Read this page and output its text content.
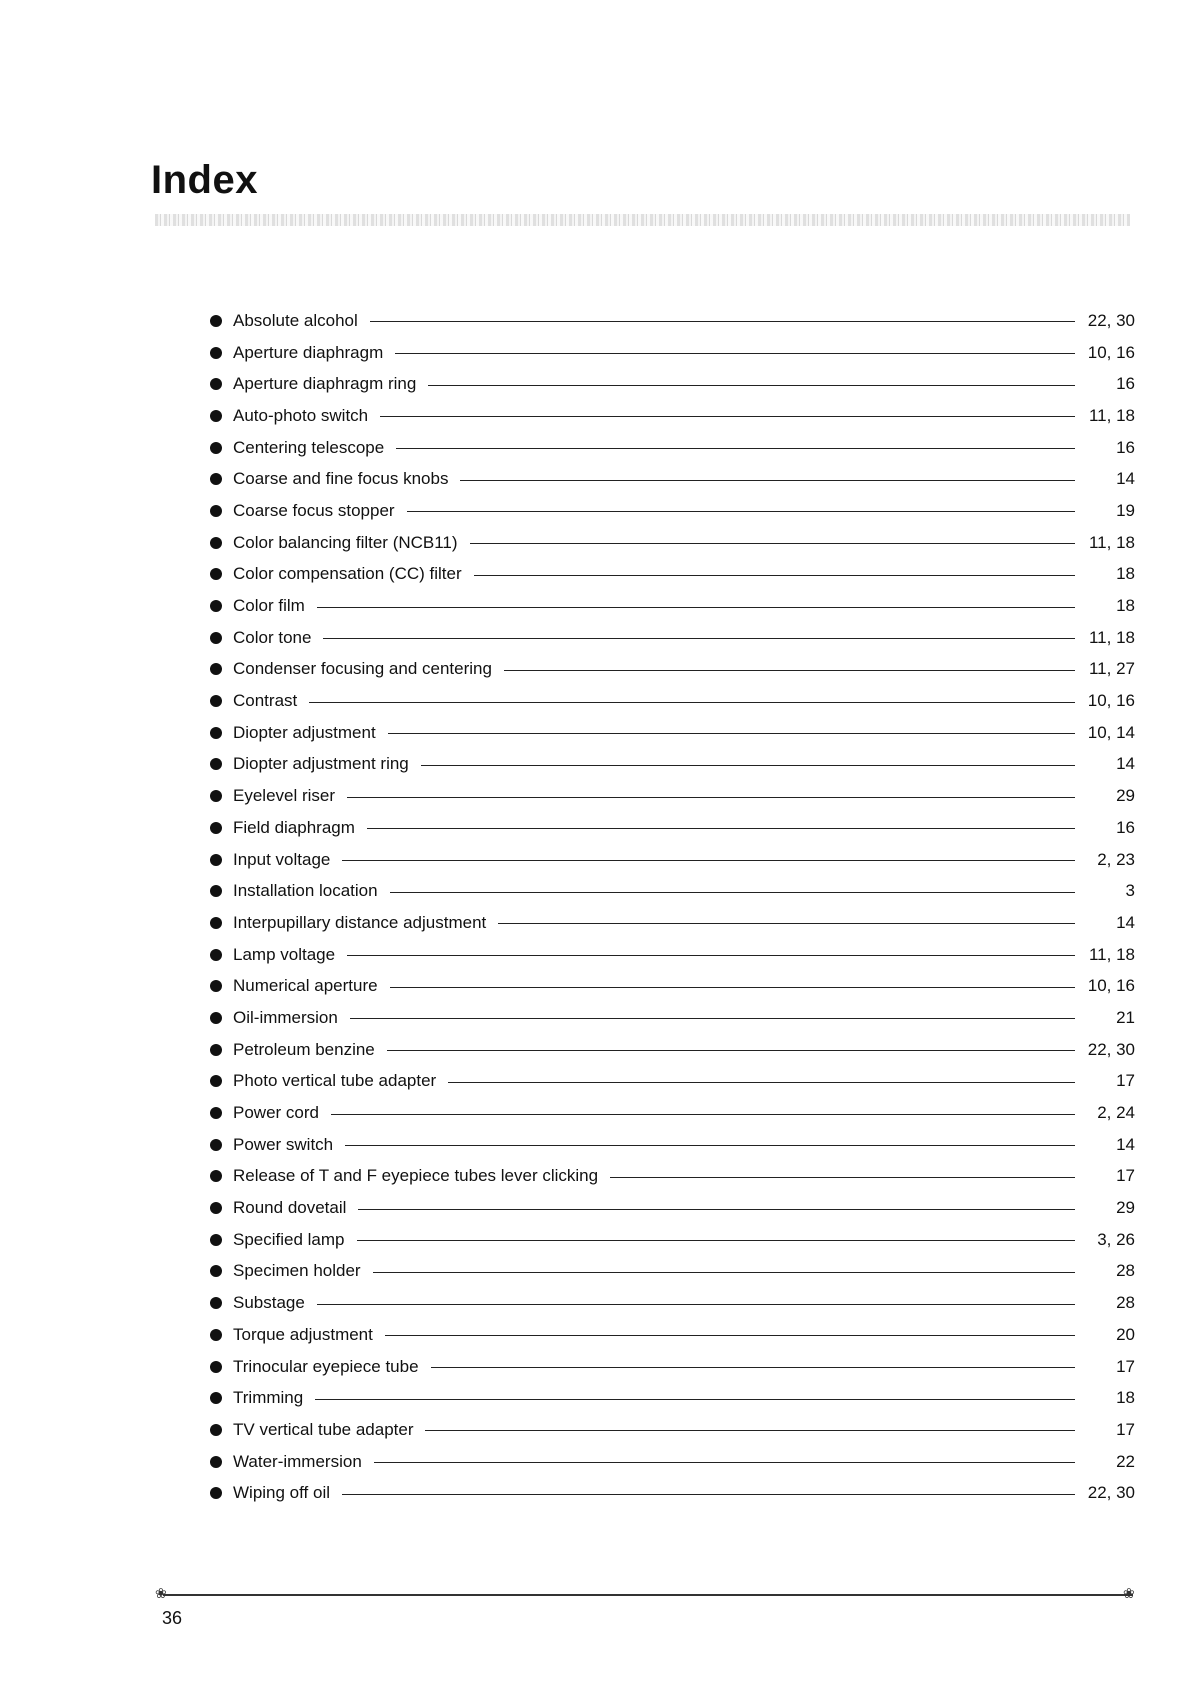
Index
Absolute alcohol	22, 30
Aperture diaphragm	10, 16
Aperture diaphragm ring	16
Auto-photo switch	11, 18
Centering telescope	16
Coarse and fine focus knobs	14
Coarse focus stopper	19
Color balancing filter (NCB11)	11, 18
Color compensation (CC) filter	18
Color film	18
Color tone	11, 18
Condenser focusing and centering	11, 27
Contrast	10, 16
Diopter adjustment	10, 14
Diopter adjustment ring	14
Eyelevel riser	29
Field diaphragm	16
Input voltage	2, 23
Installation location	3
Interpupillary distance adjustment	14
Lamp voltage	11, 18
Numerical aperture	10, 16
Oil-immersion	21
Petroleum benzine	22, 30
Photo vertical tube adapter	17
Power cord	2, 24
Power switch	14
Release of T and F eyepiece tubes lever clicking	17
Round dovetail	29
Specified lamp	3, 26
Specimen holder	28
Substage	28
Torque adjustment	20
Trinocular eyepiece tube	17
Trimming	18
TV vertical tube adapter	17
Water-immersion	22
Wiping off oil	22, 30
❀	❀
36
